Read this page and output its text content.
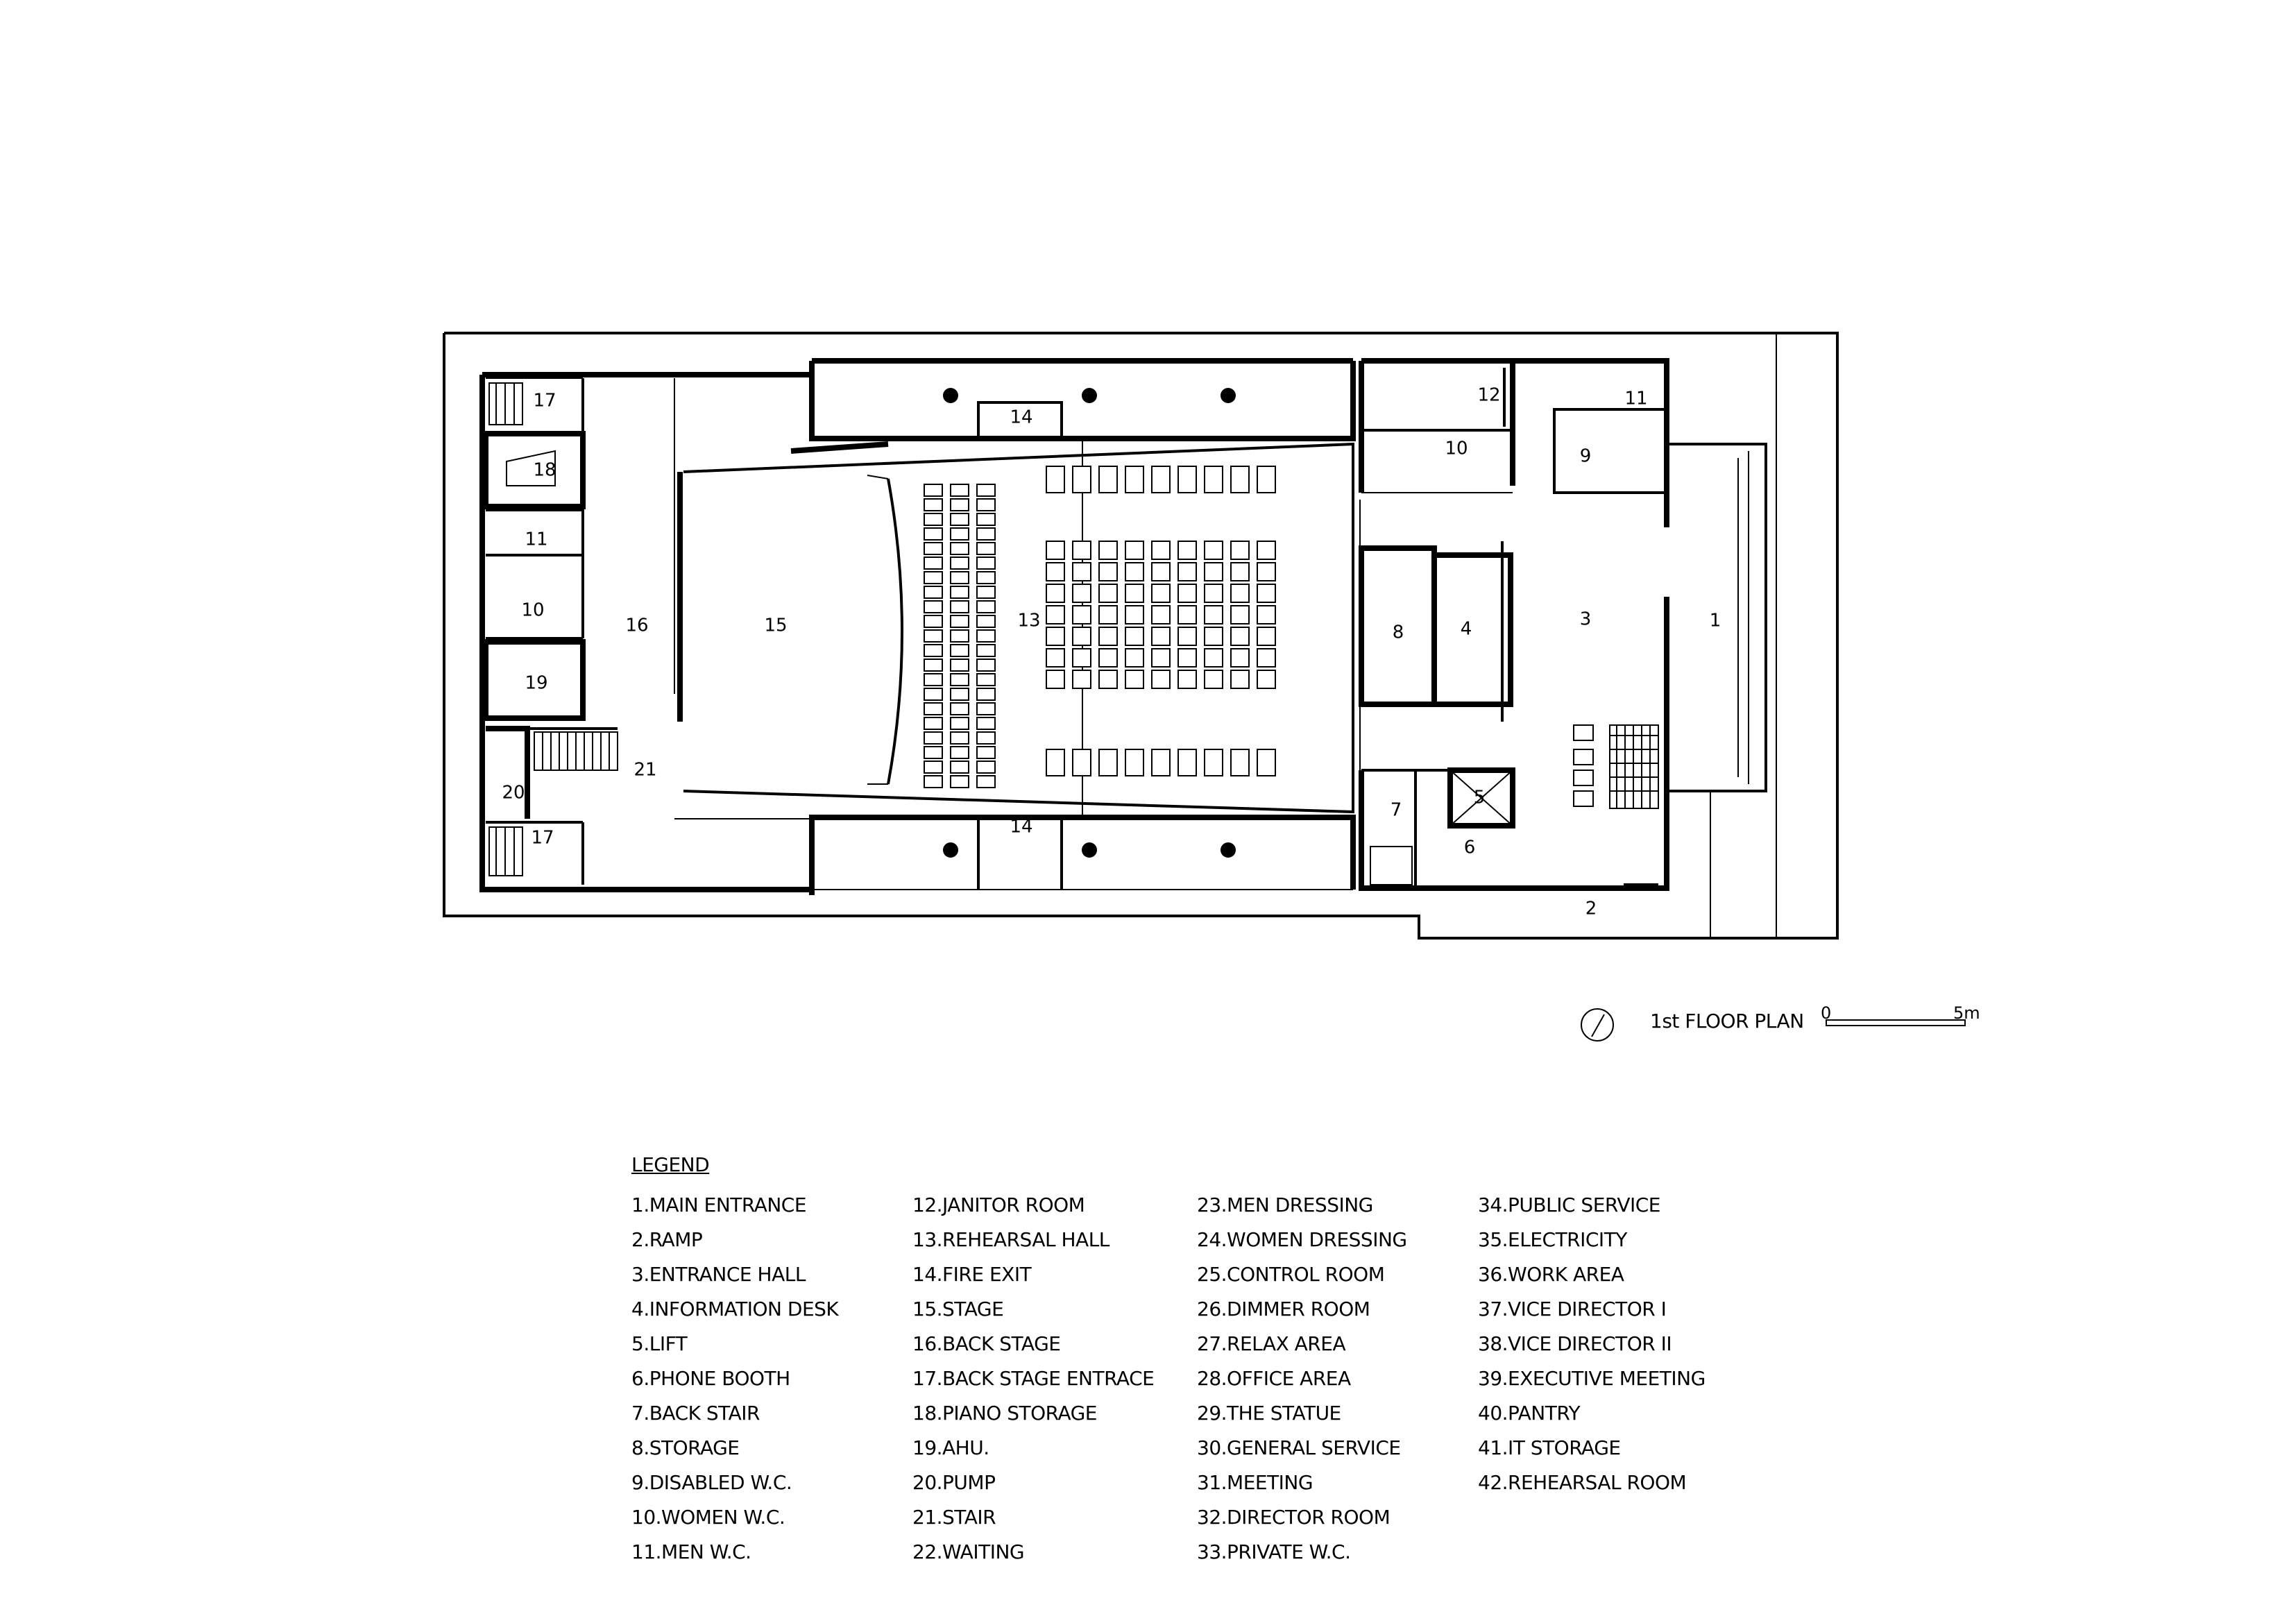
17
18
11
10
16
19
21
20
17
15	13
14
14
10
12	11
9
8	4	3	1
7
5
6
2
1st FLOOR PLAN 0	5m
LEGEND
1.MAIN ENTRANCE
2.RAMP
3.ENTRANCE HALL
4.INFORMATION DESK
5.LIFT
6.PHONE BOOTH
7.BACK STAIR
8.STORAGE
9.DISABLED W.C.
10.WOMEN W.C.
11.MEN W.C.
12.JANITOR ROOM
13.REHEARSAL HALL
14.FIRE EXIT
15.STAGE
16.BACK STAGE
17.BACK STAGE ENTRACE
18.PIANO STORAGE
19.AHU.
20.PUMP
21.STAIR
22.WAITING
23.MEN DRESSING
24.WOMEN DRESSING
25.CONTROL ROOM
26.DIMMER ROOM
27.RELAX AREA
28.OFFICE AREA
29.THE STATUE
30.GENERAL SERVICE
31.MEETING
32.DIRECTOR ROOM
33.PRIVATE W.C.
34.PUBLIC SERVICE
35.ELECTRICITY
36.WORK AREA
37.VICE DIRECTOR I
38.VICE DIRECTOR II
39.EXECUTIVE MEETING
40.PANTRY
41.IT STORAGE
42.REHEARSAL ROOM
